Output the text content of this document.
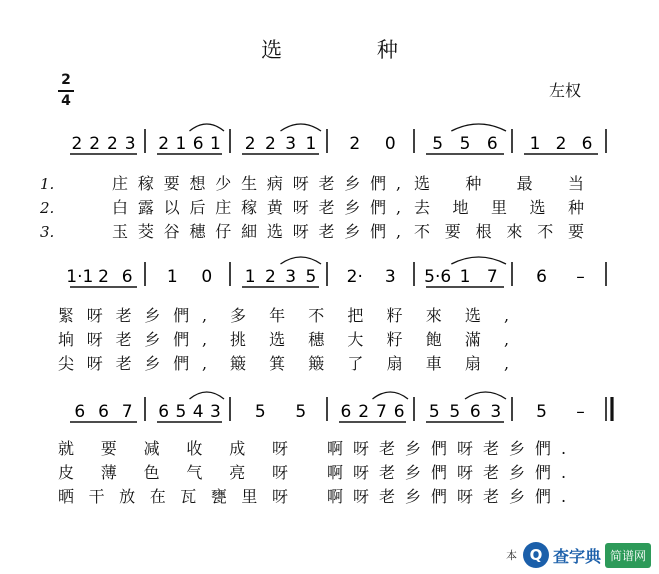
选 种
2
4
左权
2 2 2 3 2 1 6 1 2 2 3 1 2 0 5 5 6 1 2 6
1·1 2 6 1 0 1 2 3 5 2· 3 5·6 1 7 6 –
6 6 7 6 5 4 3 5 5 6 2 7 6 5 5 6 3 5 –
1.	庄稼要想少生病呀老乡們, 选种最当
2.	白露以后庄稼黄呀老乡們, 去地里选种
3.	玉茭谷穗仔細选呀老乡們, 不要根來不要
緊呀老乡們, 多年不把籽來选,
垧呀老乡們, 挑选穗大籽飽滿,
尖呀老乡們, 簸箕簸了扇車扇,
就要减收成呀 啊呀老乡們呀老乡們.
皮薄色气亮呀 啊呀老乡們呀老乡們.
晒干放在瓦甕里呀 啊呀老乡們呀老乡們.
本 Q 查字典 简谱网
